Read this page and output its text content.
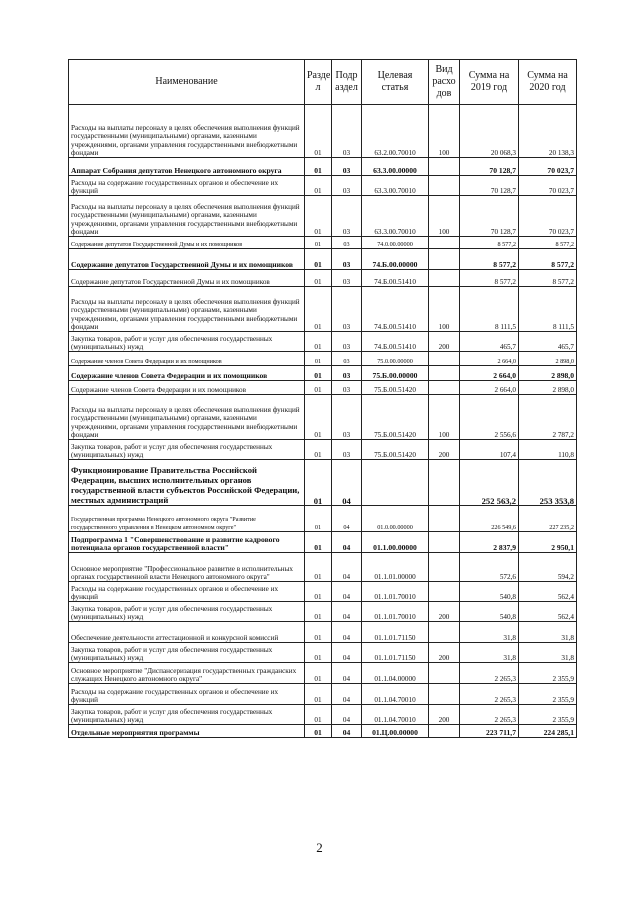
Наименование	Разде л	Подр аздел	Целевая статья	Вид расхо дов	Сумма на 2019 год	Сумма на 2020 год
Расходы на выплаты персоналу в целях обеспечения выполнения функций государственными (муниципальными) органами, казенными учреждениями, органами управления государственными внебюджетными фондами	01	03	63.2.00.70010	100	20 068,3	20 138,3
Аппарат Собрания депутатов Ненецкого автономного округа	01	03	63.3.00.00000		70 128,7	70 023,7
Расходы на содержание государственных органов и обеспечение их функций	01	03	63.3.00.70010		70 128,7	70 023,7
Расходы на выплаты персоналу в целях обеспечения выполнения функций государственными (муниципальными) органами, казенными учреждениями, органами управления государственными внебюджетными фондами	01	03	63.3.00.70010	100	70 128,7	70 023,7
Содержание депутатов Государственной Думы и их помощников	01	03	74.0.00.00000		8 577,2	8 577,2
Содержание депутатов Государственной Думы и их помощников	01	03	74.Б.00.00000		8 577,2	8 577,2
Содержание депутатов Государственной Думы и их помощников	01	03	74.Б.00.51410		8 577,2	8 577,2
Расходы на выплаты персоналу в целях обеспечения выполнения функций государственными (муниципальными) органами, казенными учреждениями, органами управления государственными внебюджетными фондами	01	03	74.Б.00.51410	100	8 111,5	8 111,5
Закупка товаров, работ и услуг для обеспечения государственных (муниципальных) нужд	01	03	74.Б.00.51410	200	465,7	465,7
Содержание членов Совета Федерации и их помощников	01	03	75.0.00.00000		2 664,0	2 898,0
Содержание членов Совета Федерации и их помощников	01	03	75.Б.00.00000		2 664,0	2 898,0
Содержание членов Совета Федерации и их помощников	01	03	75.Б.00.51420		2 664,0	2 898,0
Расходы на выплаты персоналу в целях обеспечения выполнения функций государственными (муниципальными) органами, казенными учреждениями, органами управления государственными внебюджетными фондами	01	03	75.Б.00.51420	100	2 556,6	2 787,2
Закупка товаров, работ и услуг для обеспечения государственных (муниципальных) нужд	01	03	75.Б.00.51420	200	107,4	110,8
Функционирование Правительства Российской Федерации, высших исполнительных органов государственной власти субъектов Российской Федерации, местных администраций	01	04			252 563,2	253 353,8
Государственная программа Ненецкого автономного округа "Развитие государственного управления в Ненецком автономном округе"	01	04	01.0.00.00000		226 549,6	227 235,2
Подпрограмма 1 "Совершенствование и развитие кадрового потенциала органов государственной власти"	01	04	01.1.00.00000		2 837,9	2 950,1
Основное мероприятие "Профессиональное развитие в исполнительных органах государственной власти Ненецкого автономного округа"	01	04	01.1.01.00000		572,6	594,2
Расходы на содержание государственных органов и обеспечение их функций	01	04	01.1.01.70010		540,8	562,4
Закупка товаров, работ и услуг для обеспечения государственных (муниципальных) нужд	01	04	01.1.01.70010	200	540,8	562,4
Обеспечение деятельности аттестационной и конкурсной комиссий	01	04	01.1.01.71150		31,8	31,8
Закупка товаров, работ и услуг для обеспечения государственных (муниципальных) нужд	01	04	01.1.01.71150	200	31,8	31,8
Основное мероприятие "Диспансеризация государственных гражданских служащих Ненецкого автономного округа"	01	04	01.1.04.00000		2 265,3	2 355,9
Расходы на содержание государственных органов и обеспечение их функций	01	04	01.1.04.70010		2 265,3	2 355,9
Закупка товаров, работ и услуг для обеспечения государственных (муниципальных) нужд	01	04	01.1.04.70010	200	2 265,3	2 355,9
Отдельные мероприятия программы	01	04	01.Ц.00.00000		223 711,7	224 285,1
2
